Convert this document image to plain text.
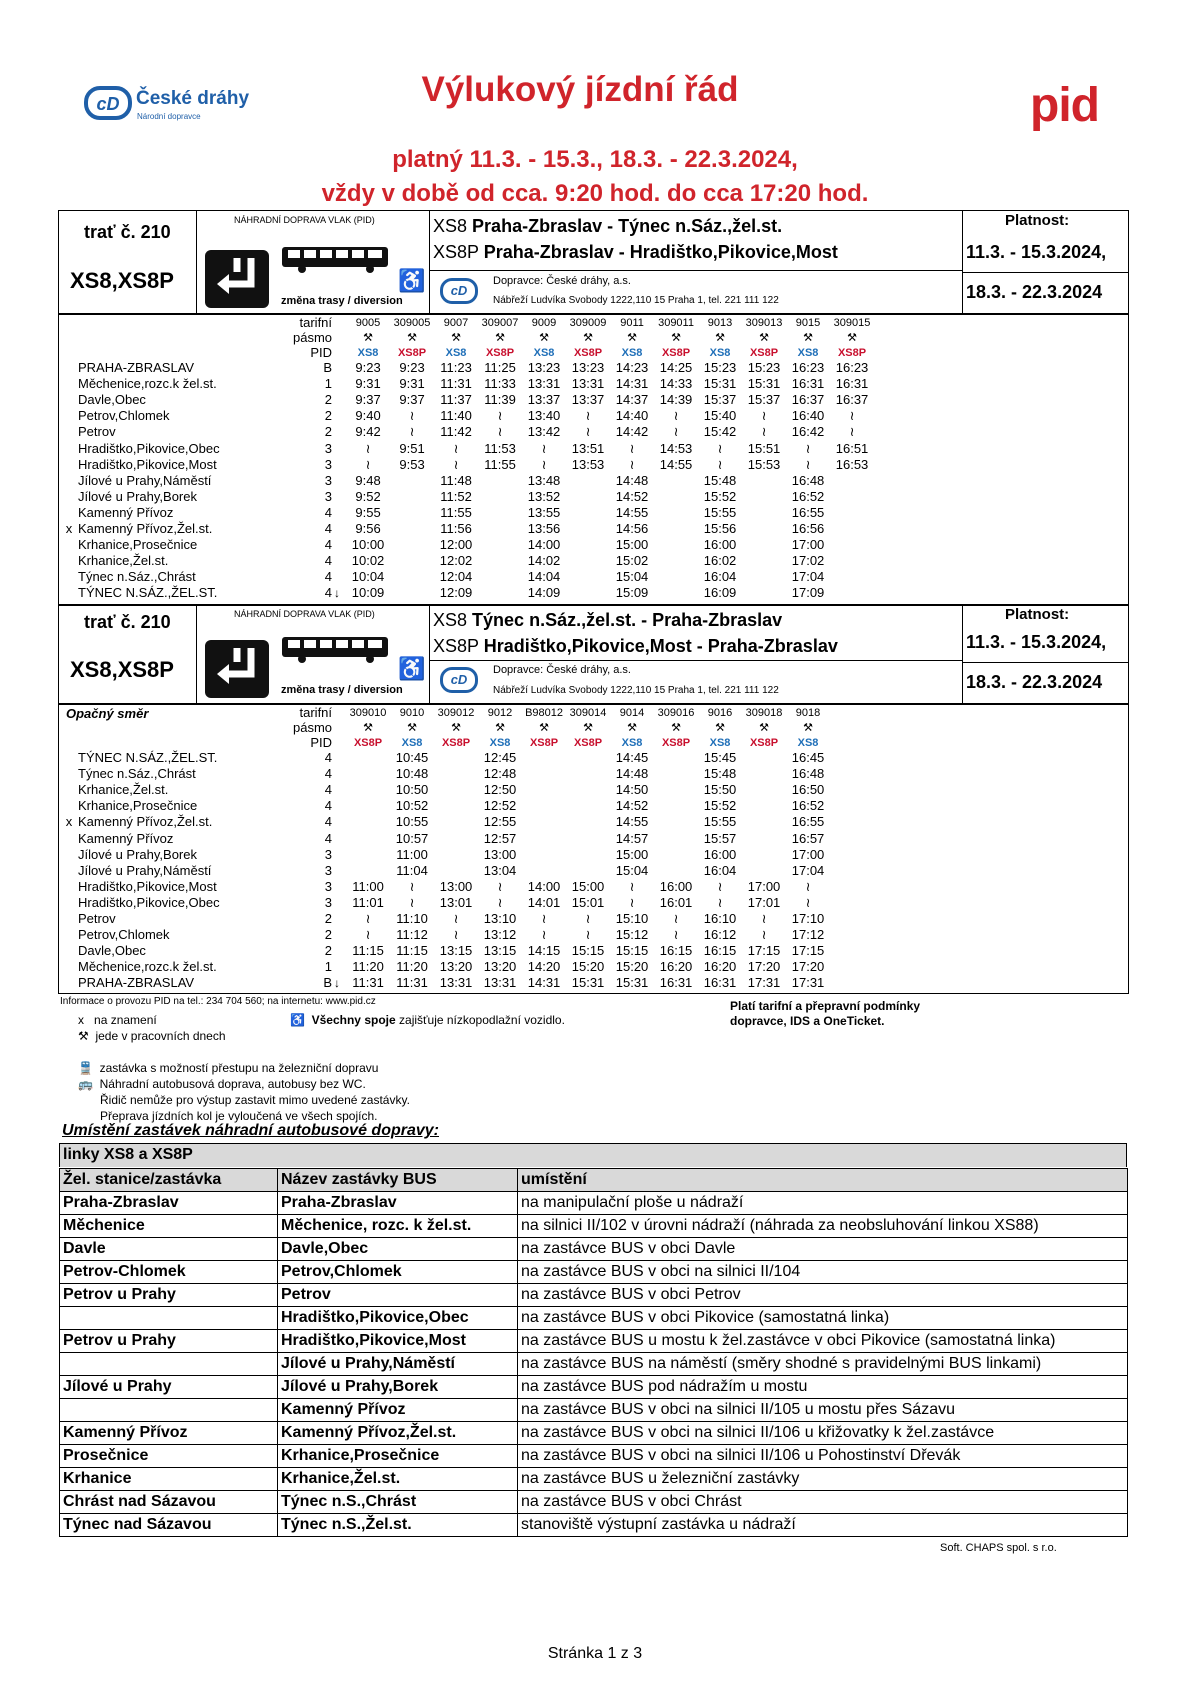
cD České dráhy
Národní dopravce
Výlukový jízdní řád	pid
platný 11.3. - 15.3., 18.3. - 22.3.2024,
vždy v době od cca. 9:20 hod. do cca 17:20 hod.
trať č. 210
XS8,XS8P
NÁHRADNÍ DOPRAVA VLAK (PID)
♿
změna trasy / diversion
XS8 Praha-Zbraslav - Týnec n.Sáz.,žel.st.
XS8P Praha-Zbraslav - Hradištko,Pikovice,Most
cD
Dopravce: České dráhy, a.s.
Nábřeží Ludvíka Svobody 1222,110 15 Praha 1, tel. 221 111 122
Platnost:
11.3. - 15.3.2024,
18.3. - 22.3.2024
		tarifní		9005	309005	9007	309007	9009	309009	9011	309011	9013	309013	9015	309015
		pásmo		⚒	⚒	⚒	⚒	⚒	⚒	⚒	⚒	⚒	⚒	⚒	⚒
		PID		XS8	XS8P	XS8	XS8P	XS8	XS8P	XS8	XS8P	XS8	XS8P	XS8	XS8P
	PRAHA-ZBRASLAV	B		9:23	9:23	11:23	11:25	13:23	13:23	14:23	14:25	15:23	15:23	16:23	16:23
	Měchenice,rozc.k žel.st.	1		9:31	9:31	11:31	11:33	13:31	13:31	14:31	14:33	15:31	15:31	16:31	16:31
	Davle,Obec	2		9:37	9:37	11:37	11:39	13:37	13:37	14:37	14:39	15:37	15:37	16:37	16:37
	Petrov,Chlomek	2		9:40	≀	11:40	≀	13:40	≀	14:40	≀	15:40	≀	16:40	≀
	Petrov	2		9:42	≀	11:42	≀	13:42	≀	14:42	≀	15:42	≀	16:42	≀
	Hradištko,Pikovice,Obec	3		≀	9:51	≀	11:53	≀	13:51	≀	14:53	≀	15:51	≀	16:51
	Hradištko,Pikovice,Most	3		≀	9:53	≀	11:55	≀	13:53	≀	14:55	≀	15:53	≀	16:53
	Jílové u Prahy,Náměstí	3		9:48		11:48		13:48		14:48		15:48		16:48	
	Jílové u Prahy,Borek	3		9:52		11:52		13:52		14:52		15:52		16:52	
	Kamenný Přívoz	4		9:55		11:55		13:55		14:55		15:55		16:55	
x	Kamenný Přívoz,Žel.st.	4		9:56		11:56		13:56		14:56		15:56		16:56	
	Krhanice,Prosečnice	4		10:00		12:00		14:00		15:00		16:00		17:00	
	Krhanice,Žel.st.	4		10:02		12:02		14:02		15:02		16:02		17:02	
	Týnec n.Sáz.,Chrást	4		10:04		12:04		14:04		15:04		16:04		17:04	
	TÝNEC N.SÁZ.,ŽEL.ST.	4	↓	10:09		12:09		14:09		15:09		16:09		17:09	
trať č. 210
XS8,XS8P
NÁHRADNÍ DOPRAVA VLAK (PID)
♿
změna trasy / diversion
XS8 Týnec n.Sáz.,žel.st. - Praha-Zbraslav
XS8P Hradištko,Pikovice,Most - Praha-Zbraslav
cD
Dopravce: České dráhy, a.s.
Nábřeží Ludvíka Svobody 1222,110 15 Praha 1, tel. 221 111 122
Platnost:
11.3. - 15.3.2024,
18.3. - 22.3.2024
Opačný směr
			tarifní		309010	9010	309012	9012	B98012	309014	9014	309016	9016	309018	9018
		pásmo		⚒	⚒	⚒	⚒	⚒	⚒	⚒	⚒	⚒	⚒	⚒
		PID		XS8P	XS8	XS8P	XS8	XS8P	XS8P	XS8	XS8P	XS8	XS8P	XS8
	TÝNEC N.SÁZ.,ŽEL.ST.	4			10:45		12:45			14:45		15:45		16:45
	Týnec n.Sáz.,Chrást	4			10:48		12:48			14:48		15:48		16:48
	Krhanice,Žel.st.	4			10:50		12:50			14:50		15:50		16:50
	Krhanice,Prosečnice	4			10:52		12:52			14:52		15:52		16:52
x	Kamenný Přívoz,Žel.st.	4			10:55		12:55			14:55		15:55		16:55
	Kamenný Přívoz	4			10:57		12:57			14:57		15:57		16:57
	Jílové u Prahy,Borek	3			11:00		13:00			15:00		16:00		17:00
	Jílové u Prahy,Náměstí	3			11:04		13:04			15:04		16:04		17:04
	Hradištko,Pikovice,Most	3		11:00	≀	13:00	≀	14:00	15:00	≀	16:00	≀	17:00	≀
	Hradištko,Pikovice,Obec	3		11:01	≀	13:01	≀	14:01	15:01	≀	16:01	≀	17:01	≀
	Petrov	2		≀	11:10	≀	13:10	≀	≀	15:10	≀	16:10	≀	17:10
	Petrov,Chlomek	2		≀	11:12	≀	13:12	≀	≀	15:12	≀	16:12	≀	17:12
	Davle,Obec	2		11:15	11:15	13:15	13:15	14:15	15:15	15:15	16:15	16:15	17:15	17:15
	Měchenice,rozc.k žel.st.	1		11:20	11:20	13:20	13:20	14:20	15:20	15:20	16:20	16:20	17:20	17:20
	PRAHA-ZBRASLAV	B	↓	11:31	11:31	13:31	13:31	14:31	15:31	15:31	16:31	16:31	17:31	17:31
Informace o provozu PID na tel.: 234 704 560; na internetu: www.pid.cz	Platí tarifní a přepravní podmínky
dopravce, IDS a OneTicket.
x   na znamení	♿ Všechny spoje zajišťuje nízkopodlažní vozidlo.
⚒ jede v pracovních dnech
🚆 zastávka s možností přestupu na železniční dopravu
🚌 Náhradní autobusová doprava, autobusy bez WC.
Řidič nemůže pro výstup zastavit mimo uvedené zastávky.
Přeprava jízdních kol je vyloučená ve všech spojích.
Umístění zastávek náhradní autobusové dopravy:
linky XS8 a XS8P
Žel. stanice/zastávka	Název zastávky BUS	umístění
Praha-Zbraslav	Praha-Zbraslav	na manipulační ploše u nádraží
Měchenice	Měchenice, rozc. k žel.st.	na silnici II/102 v úrovni nádraží (náhrada za neobsluhování linkou XS88)
Davle	Davle,Obec	na zastávce BUS v obci Davle
Petrov-Chlomek	Petrov,Chlomek	na zastávce BUS v obci na silnici II/104
Petrov u Prahy	Petrov	na zastávce BUS v obci Petrov
	Hradištko,Pikovice,Obec	na zastávce BUS v obci Pikovice (samostatná linka)
Petrov u Prahy	Hradištko,Pikovice,Most	na zastávce BUS u mostu k žel.zastávce v obci Pikovice (samostatná linka)
	Jílové u Prahy,Náměstí	na zastávce BUS na náměstí (směry shodné s pravidelnými BUS linkami)
Jílové u Prahy	Jílové u Prahy,Borek	na zastávce BUS pod nádražím u mostu
	Kamenný Přívoz	na zastávce BUS v obci na silnici II/105 u mostu přes Sázavu
Kamenný Přívoz	Kamenný Přívoz,Žel.st.	na zastávce BUS v obci na silnici II/106 u křižovatky k žel.zastávce
Prosečnice	Krhanice,Prosečnice	na zastávce BUS v obci na silnici II/106 u Pohostinství Dřevák
Krhanice	Krhanice,Žel.st.	na zastávce BUS u železniční zastávky
Chrást nad Sázavou	Týnec n.S.,Chrást	na zastávce BUS v obci Chrást
Týnec nad Sázavou	Týnec n.S.,Žel.st.	stanoviště výstupní zastávka u nádraží
Soft. CHAPS spol. s r.o.
Stránka 1 z 3
